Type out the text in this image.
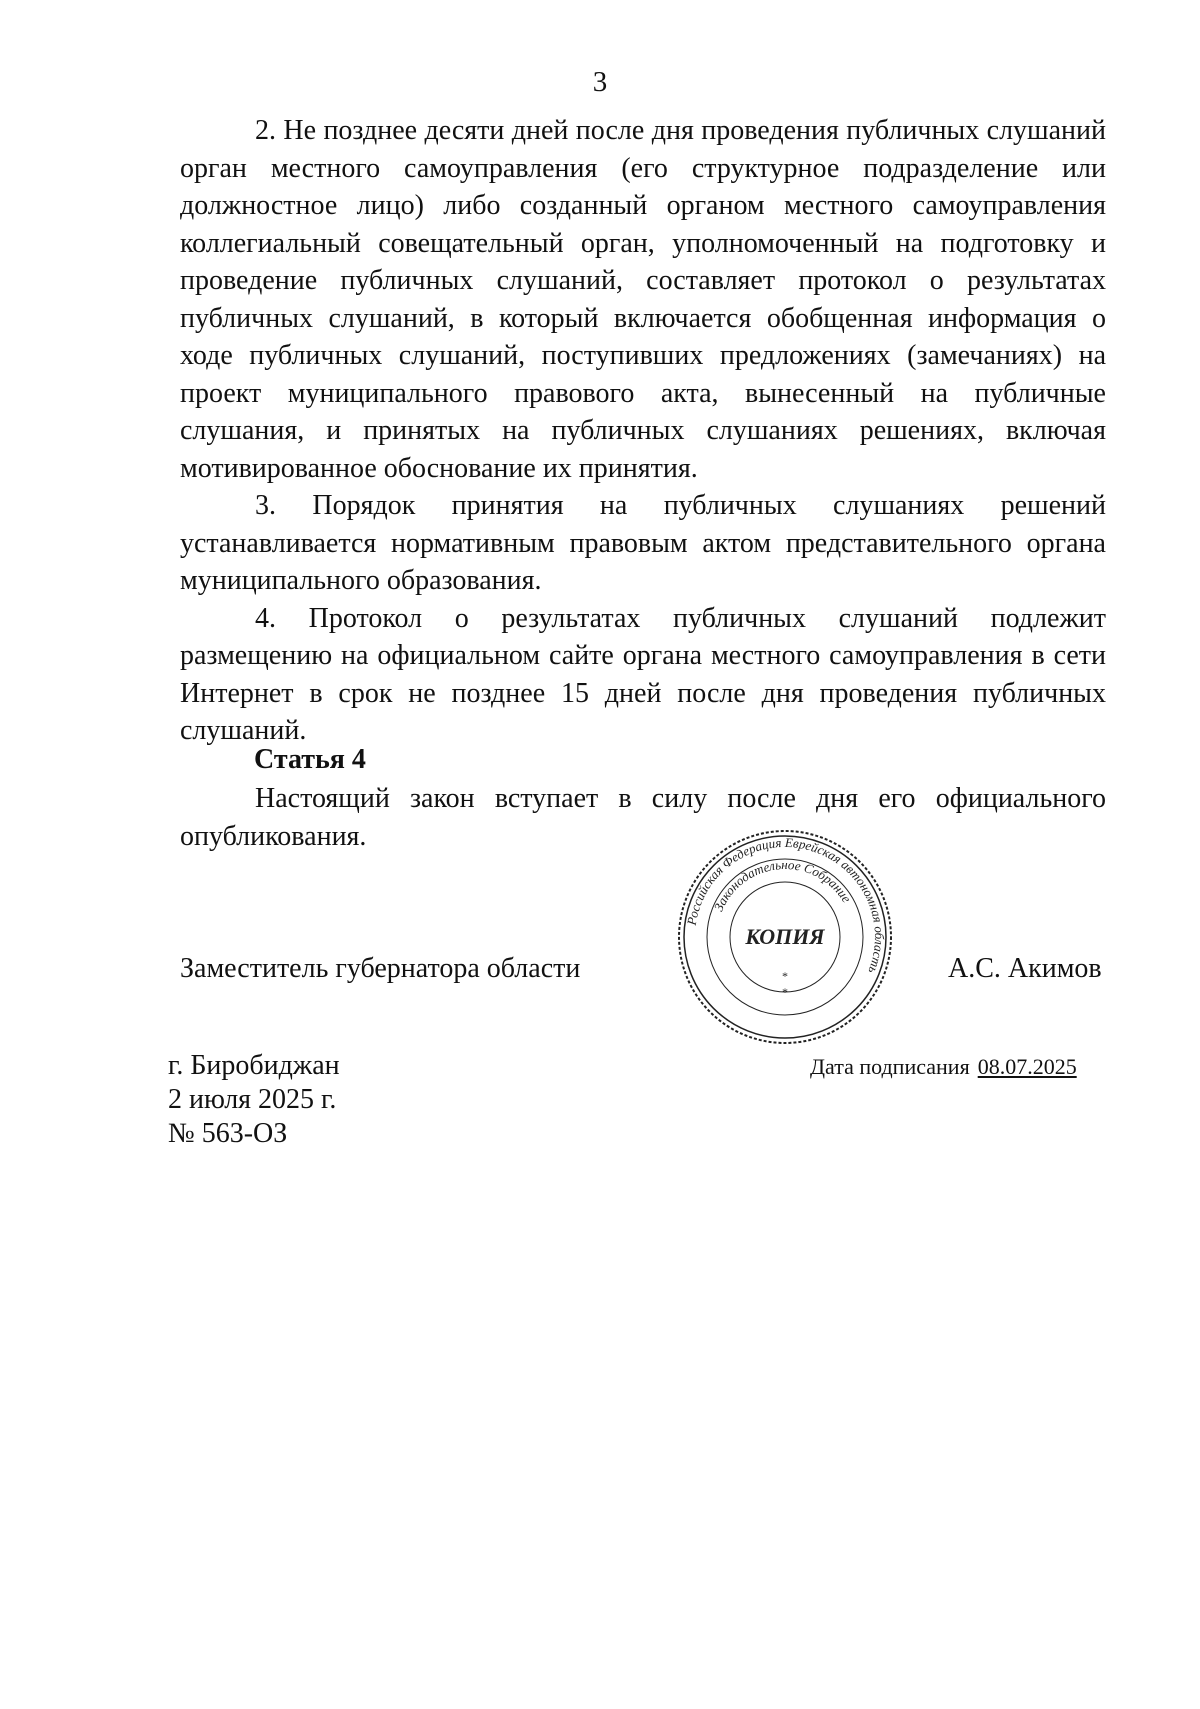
3

2. Не позднее десяти дней после дня проведения публичных слушаний орган местного самоуправления (его структурное подразделение или должностное лицо) либо созданный органом местного самоуправления коллегиальный совещательный орган, уполномоченный на подготовку и проведение публичных слушаний, составляет протокол о результатах публичных слушаний, в который включается обобщенная информация о ходе публичных слушаний, поступивших предложениях (замечаниях) на проект муниципального правового акта, вынесенный на публичные слушания, и принятых на публичных слушаниях решениях, включая мотивированное обоснование их принятия.

3. Порядок принятия на публичных слушаниях решений устанавливается нормативным правовым актом представительного органа муниципального образования.

4. Протокол о результатах публичных слушаний подлежит размещению на официальном сайте органа местного самоуправления в сети Интернет в срок не позднее 15 дней после дня проведения публичных слушаний.

Статья 4

Настоящий закон вступает в силу после дня его официального опубликования.

Заместитель губернатора области	А.С. Акимов
Российская Федерация Еврейская автономная область
Законодательное Собрание
КОПИЯ
*
*
г. Биробиджан
2 июля 2025 г.
№ 563-ОЗ
Дата подписания 08.07.2025
